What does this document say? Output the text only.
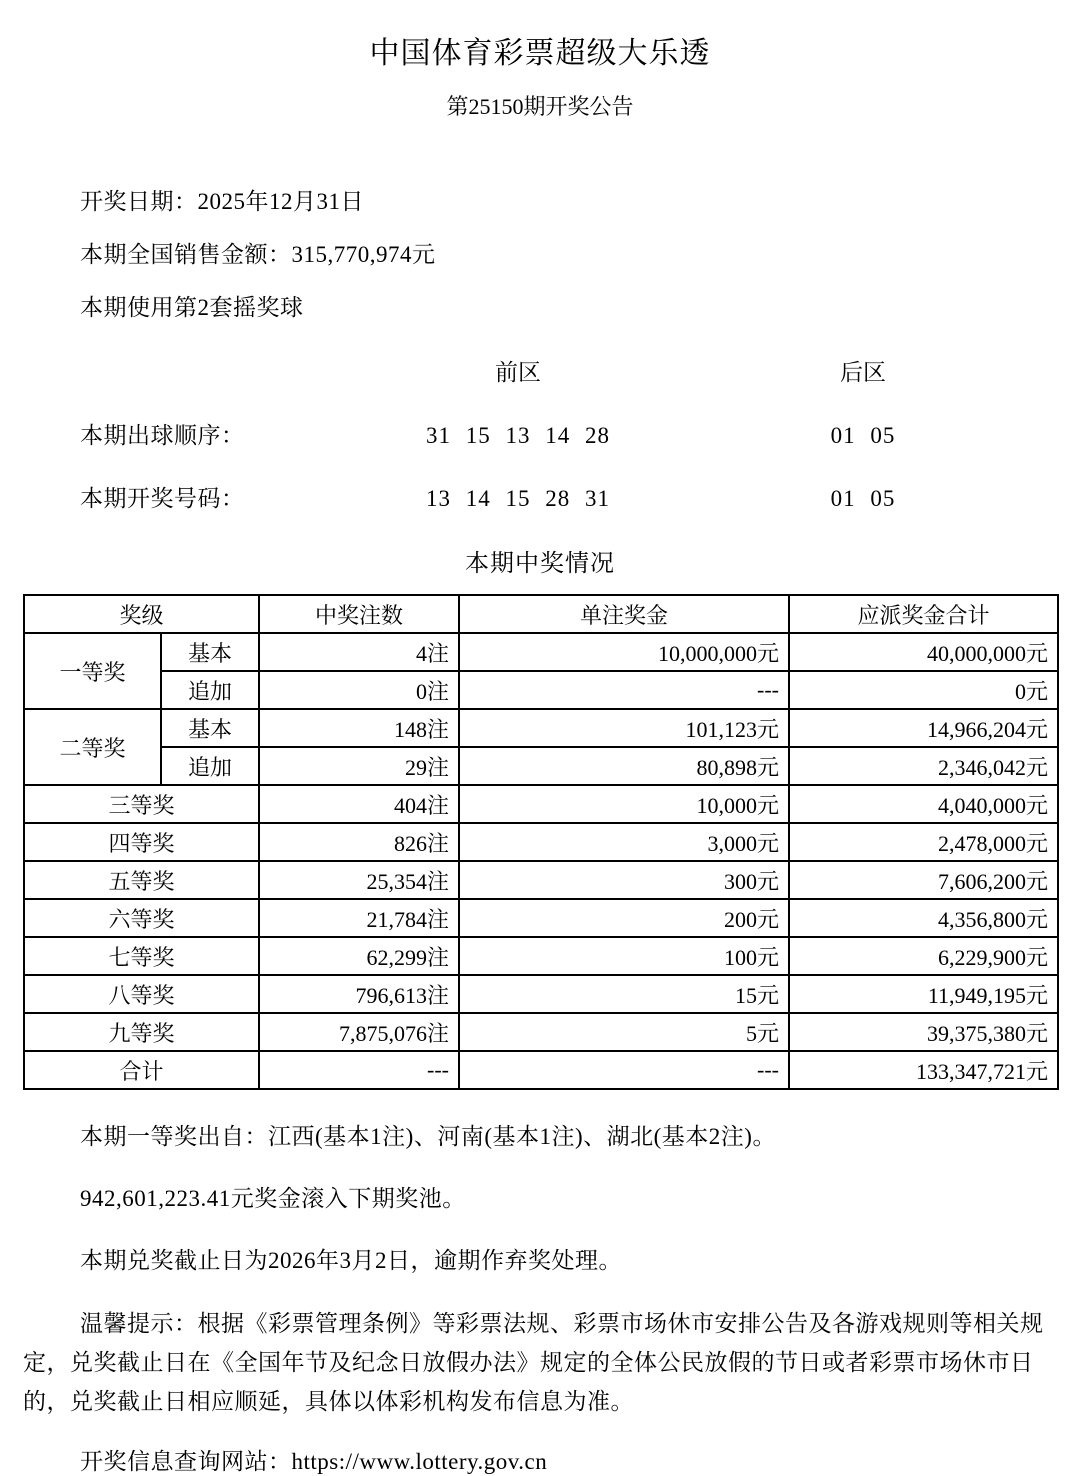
中国体育彩票超级大乐透
第25150期开奖公告
开奖日期：2025年12月31日
本期全国销售金额：315,770,974元
本期使用第2套摇奖球
前区	后区
本期出球顺序：	31 15 13 14 28	01 05
本期开奖号码：	13 14 15 28 31	01 05
本期中奖情况
奖级		中奖注数	单注奖金	应派奖金合计
一等奖	基本	4注	10,000,000元	40,000,000元
	追加	0注	---	0元
二等奖	基本	148注	101,123元	14,966,204元
	追加	29注	80,898元	2,346,042元
三等奖		404注	10,000元	4,040,000元
四等奖		826注	3,000元	2,478,000元
五等奖		25,354注	300元	7,606,200元
六等奖		21,784注	200元	4,356,800元
七等奖		62,299注	100元	6,229,900元
八等奖		796,613注	15元	11,949,195元
九等奖		7,875,076注	5元	39,375,380元
合计		---	---	133,347,721元

本期一等奖出自：江西(基本1注)、河南(基本1注)、湖北(基本2注)。

942,601,223.41元奖金滚入下期奖池。

本期兑奖截止日为2026年3月2日，逾期作弃奖处理。

温馨提示：根据《彩票管理条例》等彩票法规、彩票市场休市安排公告及各游戏规则等相关规定，兑奖截止日在《全国年节及纪念日放假办法》规定的全体公民放假的节日或者彩票市场休市日的，兑奖截止日相应顺延，具体以体彩机构发布信息为准。

开奖信息查询网站：https://www.lottery.gov.cn
